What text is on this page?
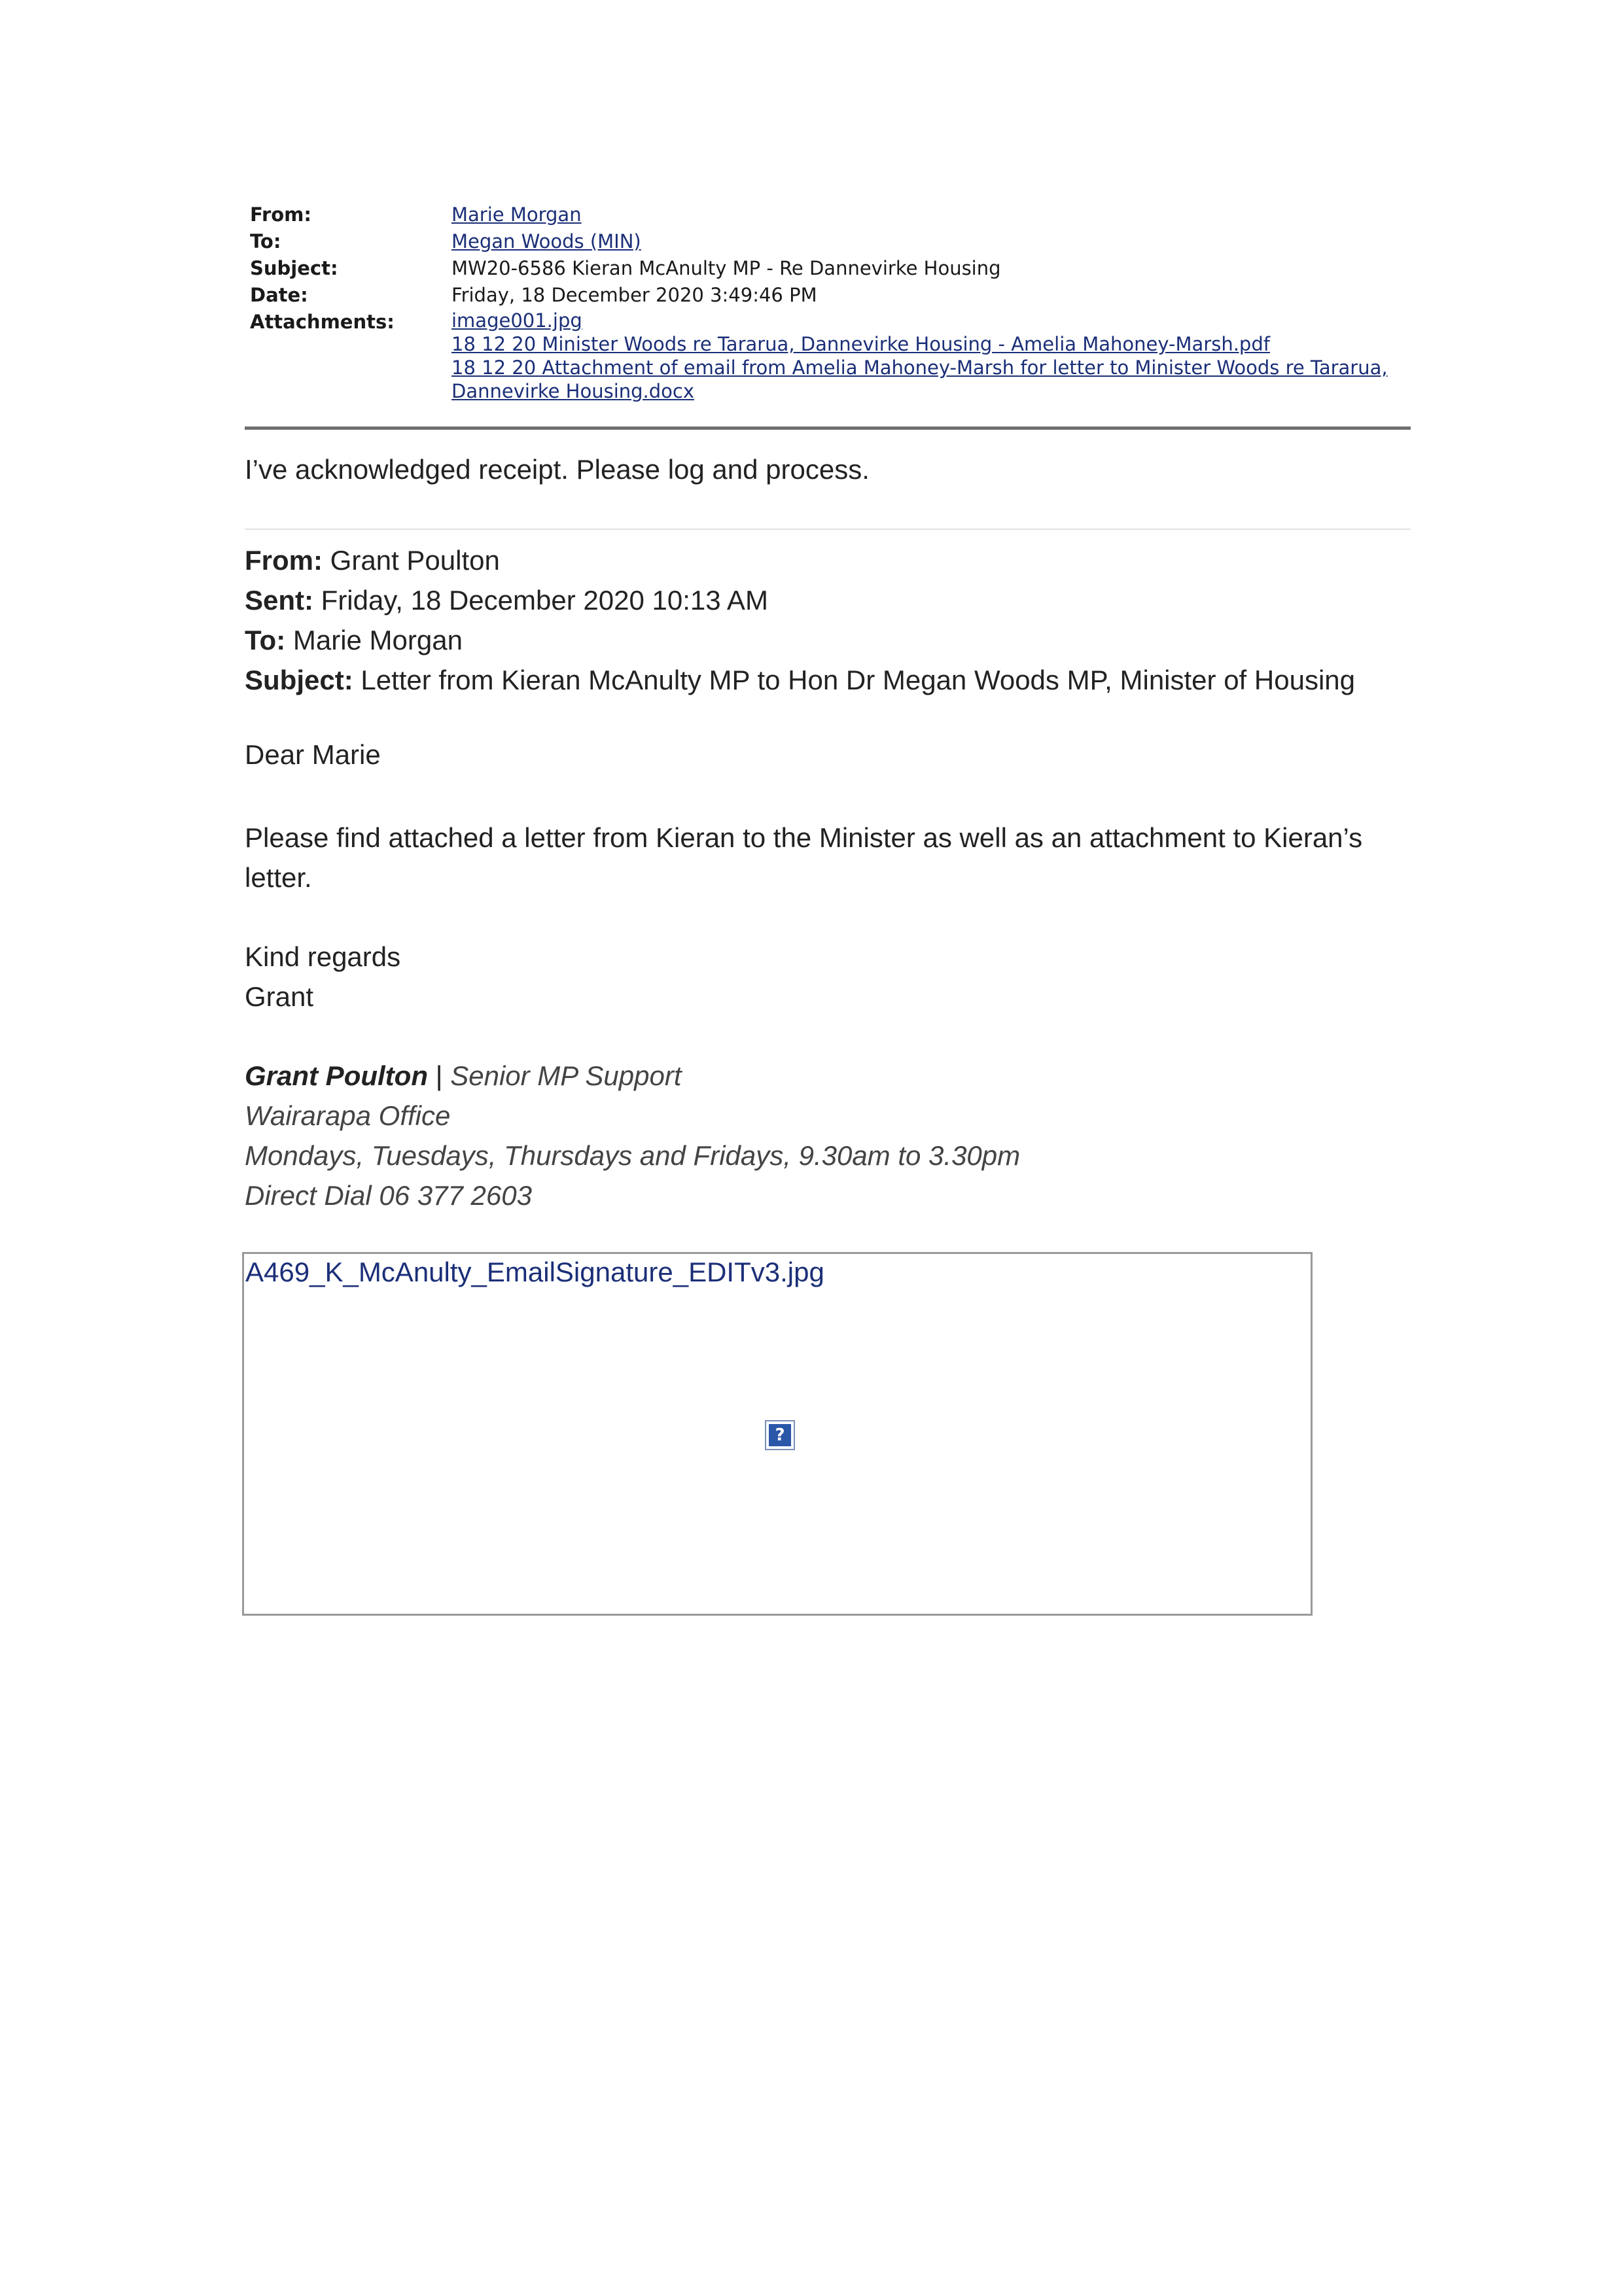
From:	Marie Morgan
To:	Megan Woods (MIN)
Subject:	MW20-6586 Kieran McAnulty MP - Re Dannevirke Housing
Date:	Friday, 18 December 2020 3:49:46 PM
Attachments:	image001.jpg
18 12 20 Minister Woods re Tararua, Dannevirke Housing - Amelia Mahoney-Marsh.pdf
18 12 20 Attachment of email from Amelia Mahoney-Marsh for letter to Minister Woods re Tararua,
Dannevirke Housing.docx
I’ve acknowledged receipt. Please log and process.
From: Grant Poulton
Sent: Friday, 18 December 2020 10:13 AM
To: Marie Morgan
Subject: Letter from Kieran McAnulty MP to Hon Dr Megan Woods MP, Minister of Housing
Dear Marie
Please find attached a letter from Kieran to the Minister as well as an attachment to Kieran’s
letter.
Kind regards
Grant
Grant Poulton | Senior MP Support
Wairarapa Office
Mondays, Tuesdays, Thursdays and Fridays, 9.30am to 3.30pm
Direct Dial 06 377 2603
A469_K_McAnulty_EmailSignature_EDITv3.jpg
?
